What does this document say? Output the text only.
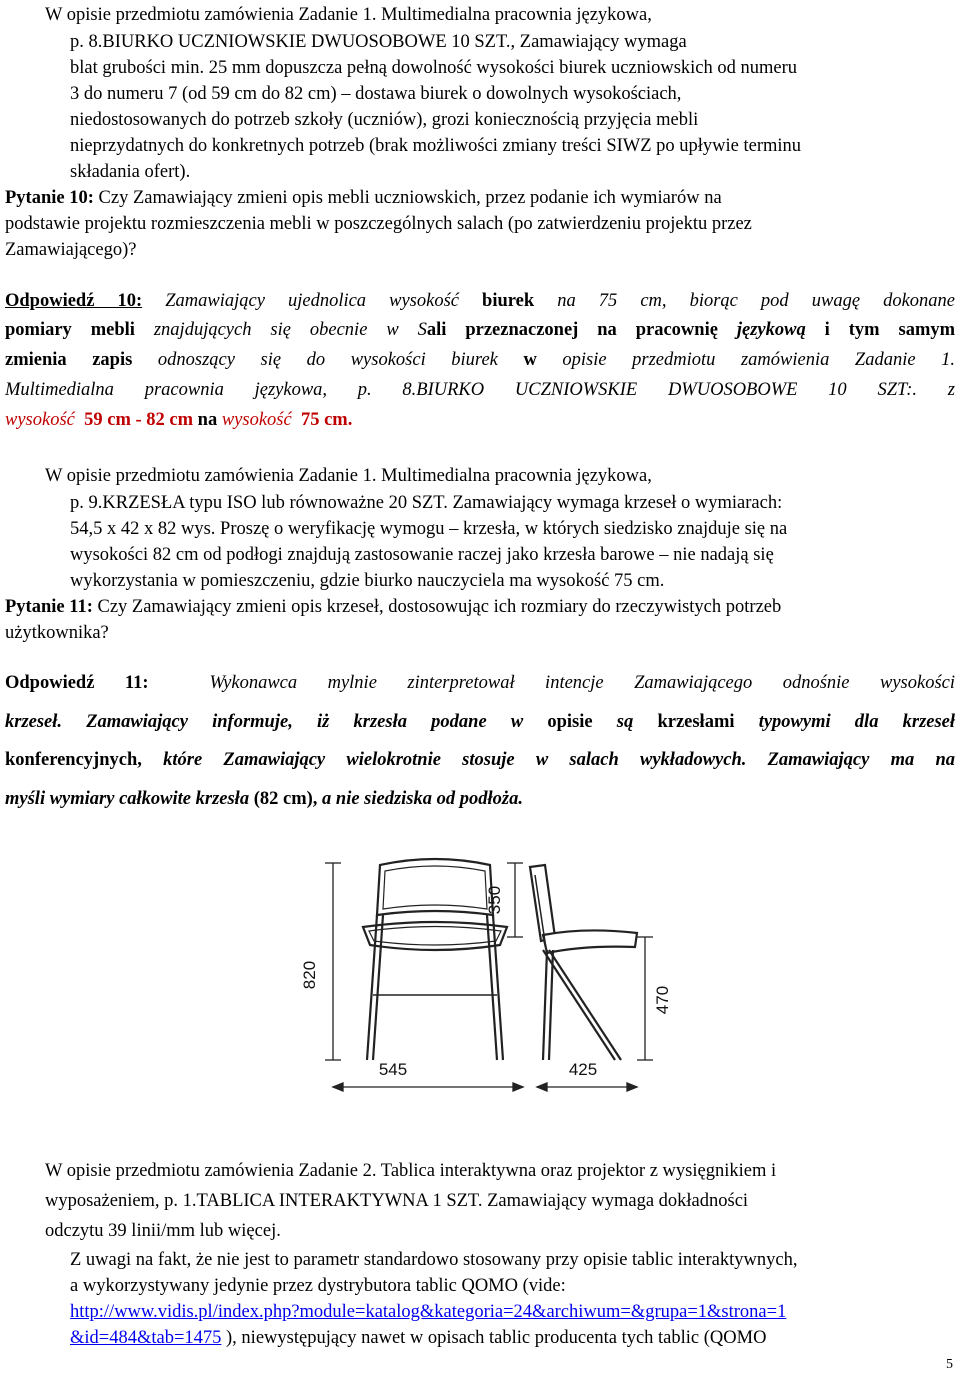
W opisie przedmiotu zamówienia Zadanie 1. Multimedialna pracownia językowa,
p. 8.BIURKO UCZNIOWSKIE DWUOSOBOWE 10 SZT., Zamawiający wymaga
blat grubości min. 25 mm dopuszcza pełną dowolność wysokości biurek uczniowskich od numeru
3 do numeru 7 (od 59 cm do 82 cm) – dostawa biurek o dowolnych wysokościach,
niedostosowanych do potrzeb szkoły (uczniów), grozi koniecznością przyjęcia mebli
nieprzydatnych do konkretnych potrzeb (brak możliwości zmiany treści SIWZ po upływie terminu
składania ofert).
Pytanie 10: Czy Zamawiający zmieni opis mebli uczniowskich, przez podanie ich wymiarów na
podstawie projektu rozmieszczenia mebli w poszczególnych salach (po zatwierdzeniu projektu przez
Zamawiającego)?
Odpowiedź 10: Zamawiający ujednolica wysokość biurek na 75 cm, biorąc pod uwagę dokonane
pomiary mebli znajdujących się obecnie w Sali przeznaczonej na pracownię językową i tym samym
zmienia zapis odnoszący się do wysokości biurek w opisie przedmiotu zamówienia Zadanie 1.
Multimedialna pracownia językowa, p. 8.BIURKO UCZNIOWSKIE DWUOSOBOWE 10 SZT:. z
wysokość 59 cm - 82 cm na wysokość 75 cm.
W opisie przedmiotu zamówienia Zadanie 1. Multimedialna pracownia językowa,
p. 9.KRZESŁA typu ISO lub równoważne 20 SZT. Zamawiający wymaga krzeseł o wymiarach:
54,5 x 42 x 82 wys. Proszę o weryfikację wymogu – krzesła, w których siedzisko znajduje się na
wysokości 82 cm od podłogi znajdują zastosowanie raczej jako krzesła barowe – nie nadają się
wykorzystania w pomieszczeniu, gdzie biurko nauczyciela ma wysokość 75 cm.
Pytanie 11: Czy Zamawiający zmieni opis krzeseł, dostosowując ich rozmiary do rzeczywistych potrzeb
użytkownika?
Odpowiedź 11:	Wykonawca mylnie zinterpretował intencje Zamawiającego odnośnie wysokości
krzeseł. Zamawiający informuje, iż krzesła podane w opisie są krzesłami typowymi dla krzeseł
konferencyjnych, które Zamawiający wielokrotnie stosuje w salach wykładowych. Zamawiający ma na
myśli wymiary całkowite krzesła (82 cm), a nie siedziska od podłoża.
820
350
470
545	425
W opisie przedmiotu zamówienia Zadanie 2. Tablica interaktywna oraz projektor z wysięgnikiem i
wyposażeniem, p. 1.TABLICA INTERAKTYWNA 1 SZT. Zamawiający wymaga dokładności
odczytu 39 linii/mm lub więcej.
Z uwagi na fakt, że nie jest to parametr standardowo stosowany przy opisie tablic interaktywnych,
a wykorzystywany jedynie przez dystrybutora tablic QOMO (vide:
http://www.vidis.pl/index.php?module=katalog&kategoria=24&archiwum=&grupa=1&strona=1
&id=484&tab=1475 ), niewystępujący nawet w opisach tablic producenta tych tablic (QOMO
5
